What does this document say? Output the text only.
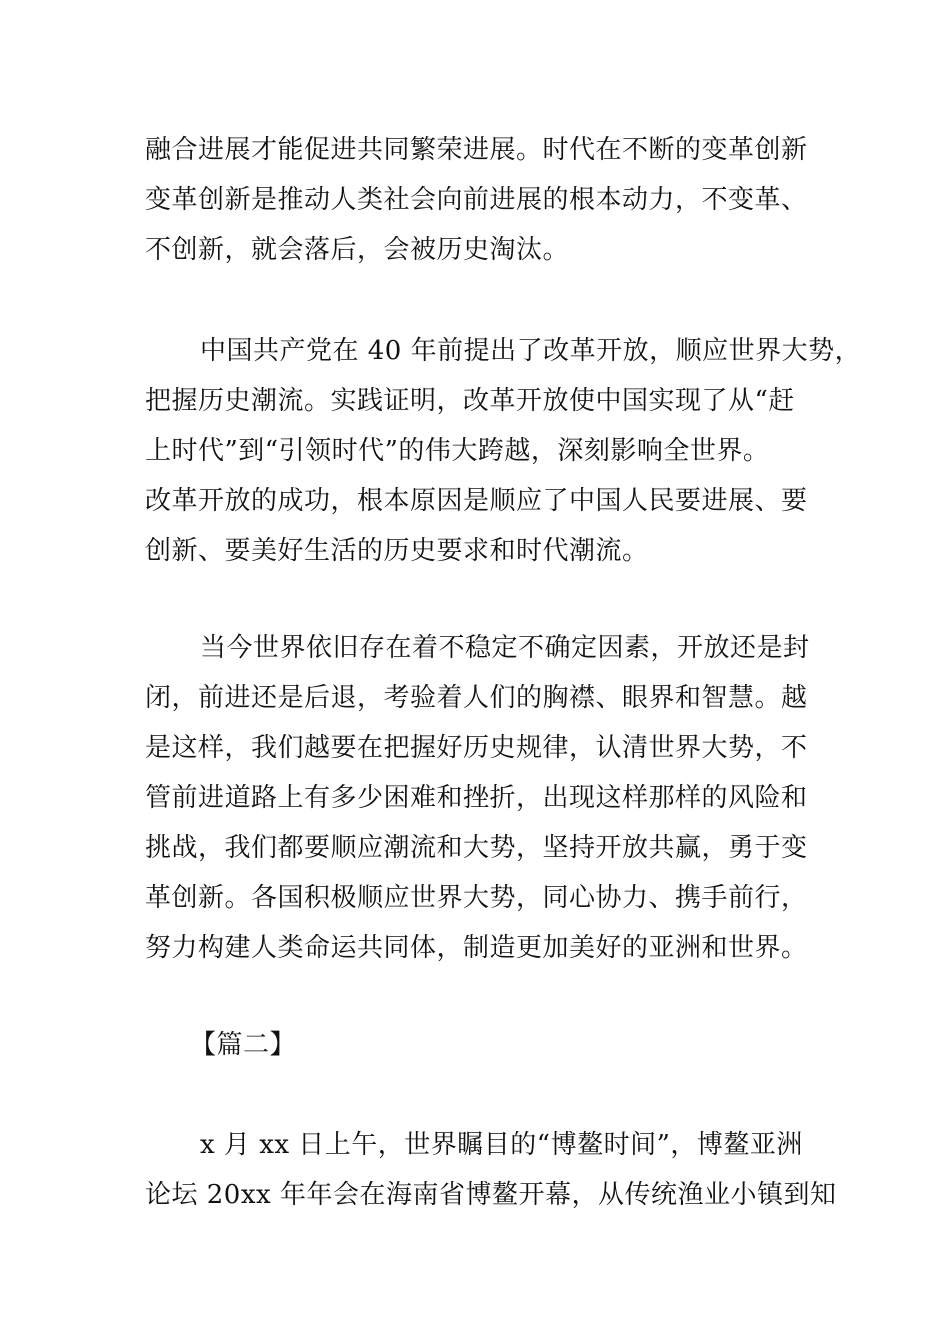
融合进展才能促进共同繁荣进展。时代在不断的变革创新
变革创新是推动人类社会向前进展的根本动力，不变革、
不创新，就会落后，会被历史淘汰。
中国共产党在 40 年前提出了改革开放，顺应世界大势，
把握历史潮流。实践证明，改革开放使中国实现了从“赶
上时代”到“引领时代”的伟大跨越，深刻影响全世界。
改革开放的成功，根本原因是顺应了中国人民要进展、要
创新、要美好生活的历史要求和时代潮流。
当今世界依旧存在着不稳定不确定因素，开放还是封
闭，前进还是后退，考验着人们的胸襟、眼界和智慧。越
是这样，我们越要在把握好历史规律，认清世界大势，不
管前进道路上有多少困难和挫折，出现这样那样的风险和
挑战，我们都要顺应潮流和大势，坚持开放共赢，勇于变
革创新。各国积极顺应世界大势，同心协力、携手前行，
努力构建人类命运共同体，制造更加美好的亚洲和世界。
【篇二】
x 月 xx 日上午，世界瞩目的“博鳌时间”，博鳌亚洲
论坛 20xx 年年会在海南省博鳌开幕，从传统渔业小镇到知
